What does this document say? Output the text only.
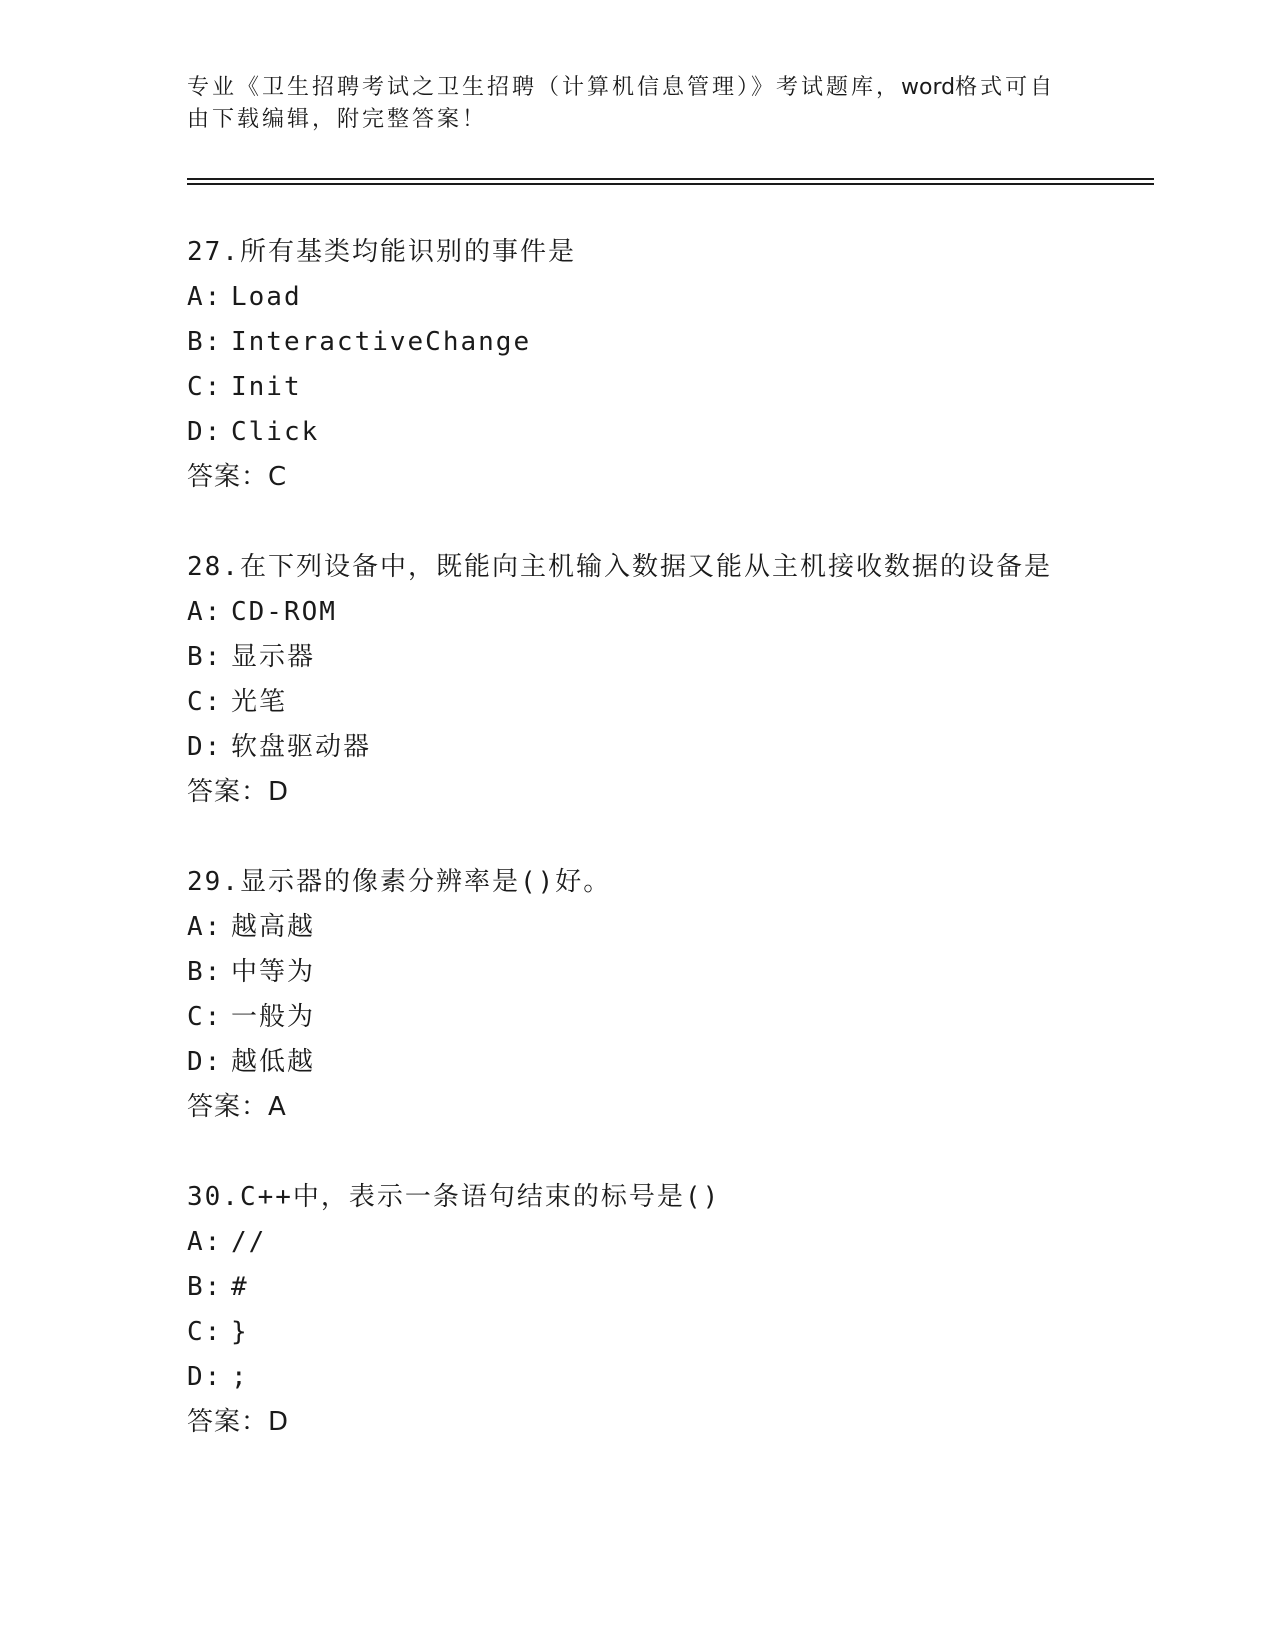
专业《卫生招聘考试之卫生招聘（计算机信息管理）》考试题库，word格式可自
由下载编辑，附完整答案！
27.所有基类均能识别的事件是
A: Load
B: InteractiveChange
C: Init
D: Click
答案：C
28.在下列设备中，既能向主机输入数据又能从主机接收数据的设备是
A: CD-ROM
B: 显示器
C: 光笔
D: 软盘驱动器
答案：D
29.显示器的像素分辨率是()好。
A: 越高越
B: 中等为
C: 一般为
D: 越低越
答案：A
30.C++中，表示一条语句结束的标号是()
A: //
B: #
C: }
D: ;
答案：D
